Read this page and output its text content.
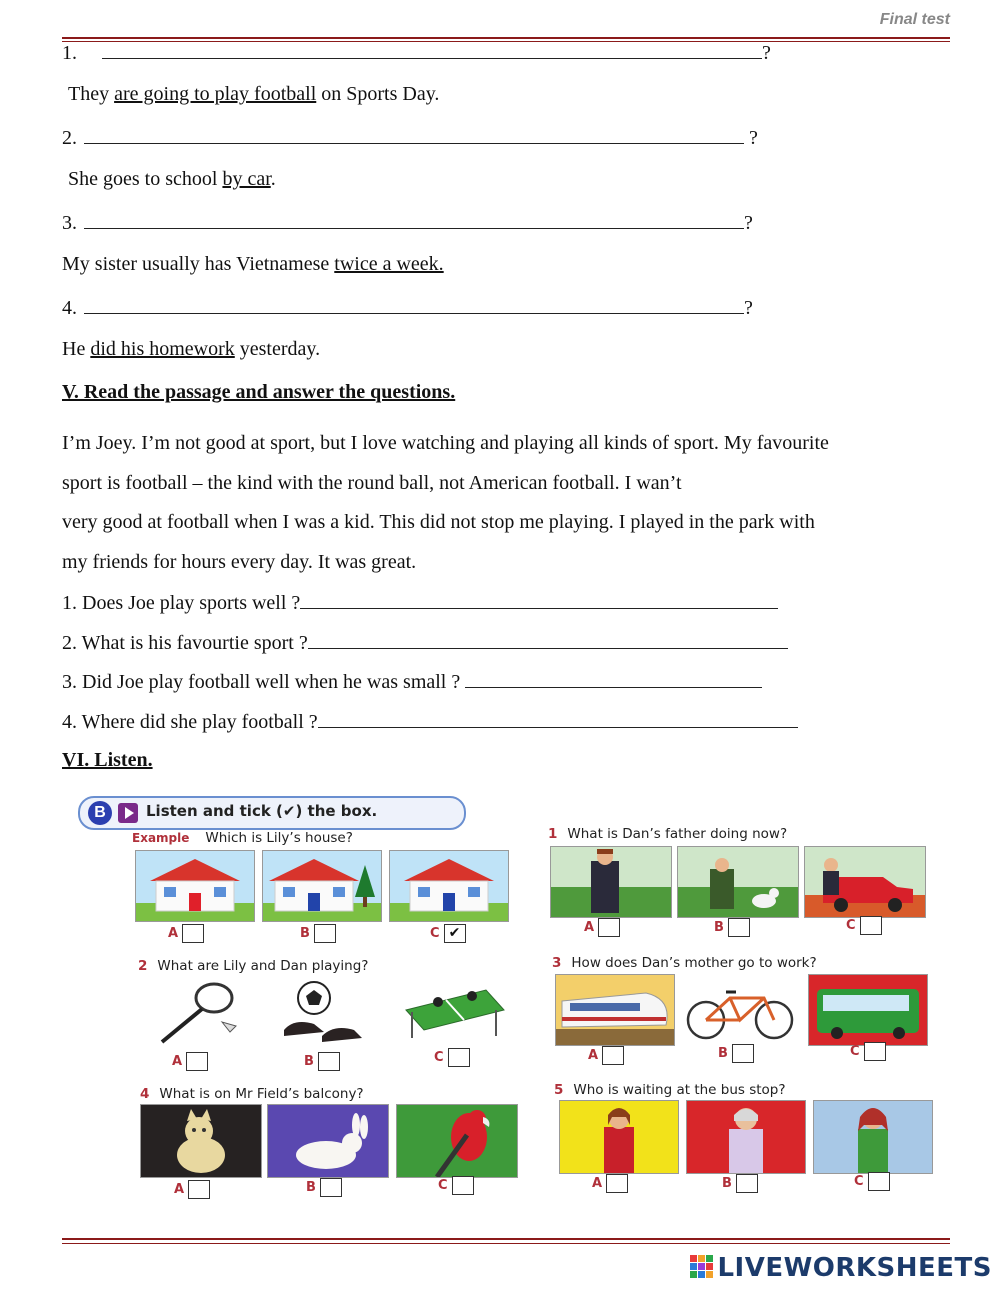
Final test
1.	?
They are going to play football on Sports Day.
2.	?
She goes to school by car.
3.	?
My sister usually has Vietnamese twice a week.
4.	?
He did his homework yesterday.
V. Read the passage and answer the questions.
I’m Joey. I’m not good at sport, but I love watching and playing all kinds of sport. My favourite
sport is football – the kind with the round ball, not American football. I wan’t
very good at football when I was a kid. This did not stop me playing. I played in the park with
my friends for hours every day. It was great.
1. Does Joe play sports well ?
2. What is his favourtie sport ?
3. Did Joe play football well when he was small ?
4. Where did she play football ?
VI. Listen.
B	Listen and tick (✔) the box.
Example Which is Lily’s house?
A	B	C ✔
1 What is Dan’s father doing now?
A	B	C
2 What are Lily and Dan playing?
A	B	C
3 How does Dan’s mother go to work?
A	B	C
4 What is on Mr Field’s balcony?
A	B	C
5 Who is waiting at the bus stop?
A	B	C
LIVEWORKSHEETS
